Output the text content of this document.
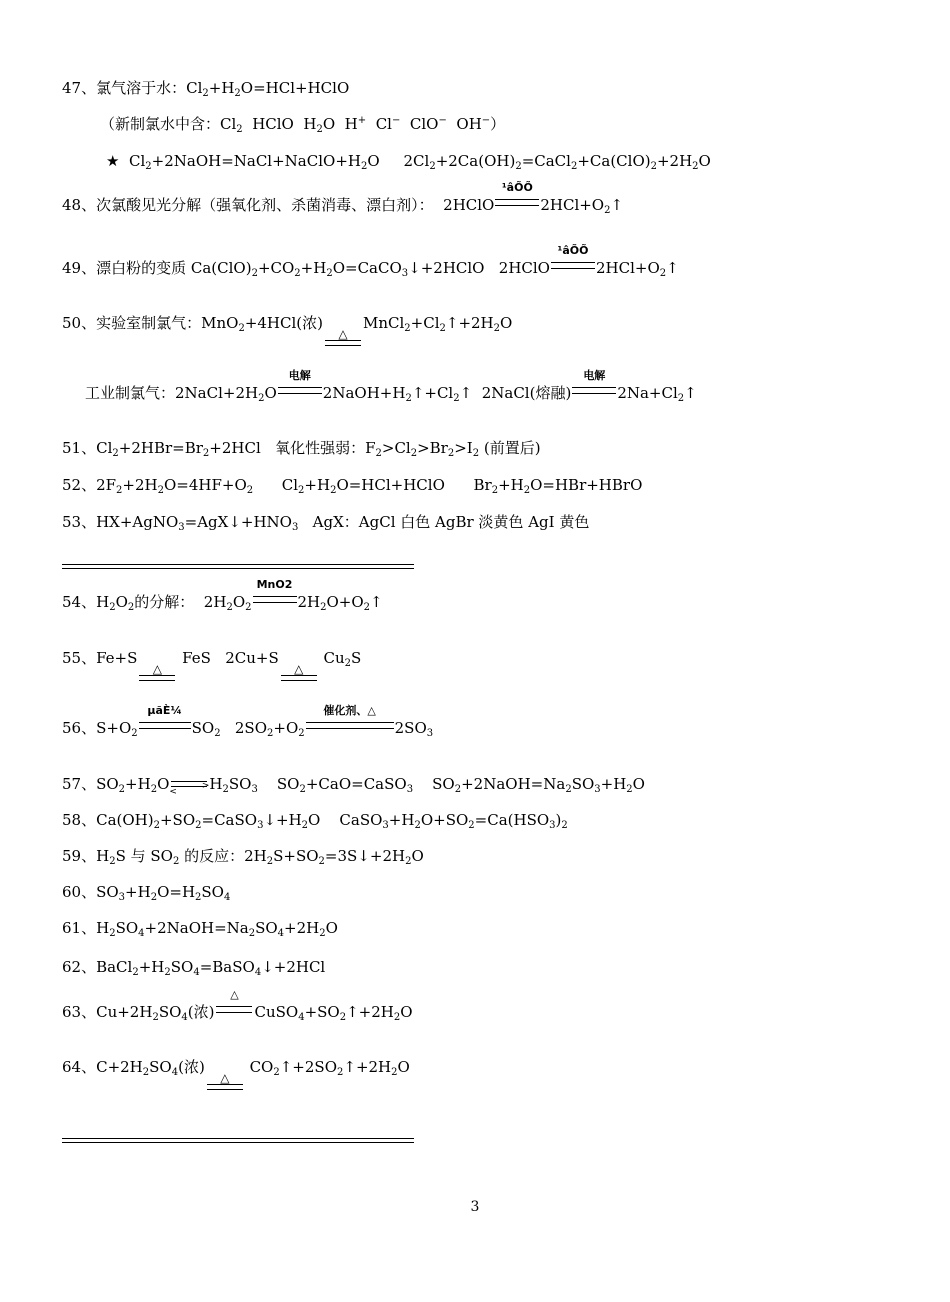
47、氯气溶于水：$Cl_2+H_2O=HCl+HClO$
（新制氯水中含：$Cl_2$  HClO  $H_2O$  H+  Cl−  ClO−  OH−）
★  $Cl_2+2NaOH=NaCl+NaClO+H_2O$     $2Cl_2+2Ca(OH)_2=CaCl_2+Ca(ClO)_2+2H_2O$
48、次氯酸见光分解（强氧化剂、杀菌消毒、漂白剂）：  2HClO
¹âÕÕ
$2HCl+O_2↑$
49、漂白粉的变质 $Ca(ClO)_2+CO_2+H_2O=CaCO_3↓+2HClO$   2HClO
¹âÕÕ
$2HCl+O_2↑$
50、实验室制氯气：MnO$_2$+4HCl(浓)
△
$MnCl_2+Cl_2↑+2H_2O$
工业制氯气：$2NaCl+2H_2O$
电解
$2NaOH+H_2↑+Cl_2↑$  2NaCl(熔融)
电解
$2Na+Cl_2↑$
51、$Cl_2+2HBr=Br_2+2HCl$   氧化性强弱：$F_2>Cl_2>Br_2>I_2$ (前置后)
52、$2F_2+2H_2O=4HF+O_2$      $Cl_2+H_2O=HCl+HClO$      $Br_2+H_2O=HBr+HBrO$
53、$HX+AgNO_3=AgX↓+HNO_3$ AgX：AgCl 白色 AgBr 淡黄色 AgI 黄色
54、$H_2O_2$的分解：  $2H_2O_2$
MnO2
$2H_2O+O_2↑$
55、Fe+S
△
FeS   2Cu+S
△
$Cu_2S$
56、$S+O_2$
µãÈ¼
$SO_2$   $2SO_2+O_2$
催化剂、△
$2SO_3$
57、$SO_2+H_2O$	>
< $H_2SO_3$    $SO_2+CaO=CaSO_3$    $SO_2+2NaOH=Na_2SO_3+H_2O$
58、$Ca(OH)_2+SO_2=CaSO_3↓+H_2O$    $CaSO_3+H_2O+SO_2=Ca(HSO_3)_2$
59、$H_2S$ 与 $SO_2$ 的反应：$2H_2S+SO_2=3S↓+2H_2O$
60、$SO_3+H_2O=H_2SO_4$
61、$H_2SO_4+2NaOH=Na_2SO_4+2H_2O$
62、$BaCl_2+H_2SO_4=BaSO_4↓+2HCl$
63、$Cu+2H_2SO_4$(浓)
△
$CuSO_4+SO_2↑+2H_2O$
64、$C+2H_2SO_4$(浓)
△
$CO_2↑+2SO_2↑+2H_2O$
3
